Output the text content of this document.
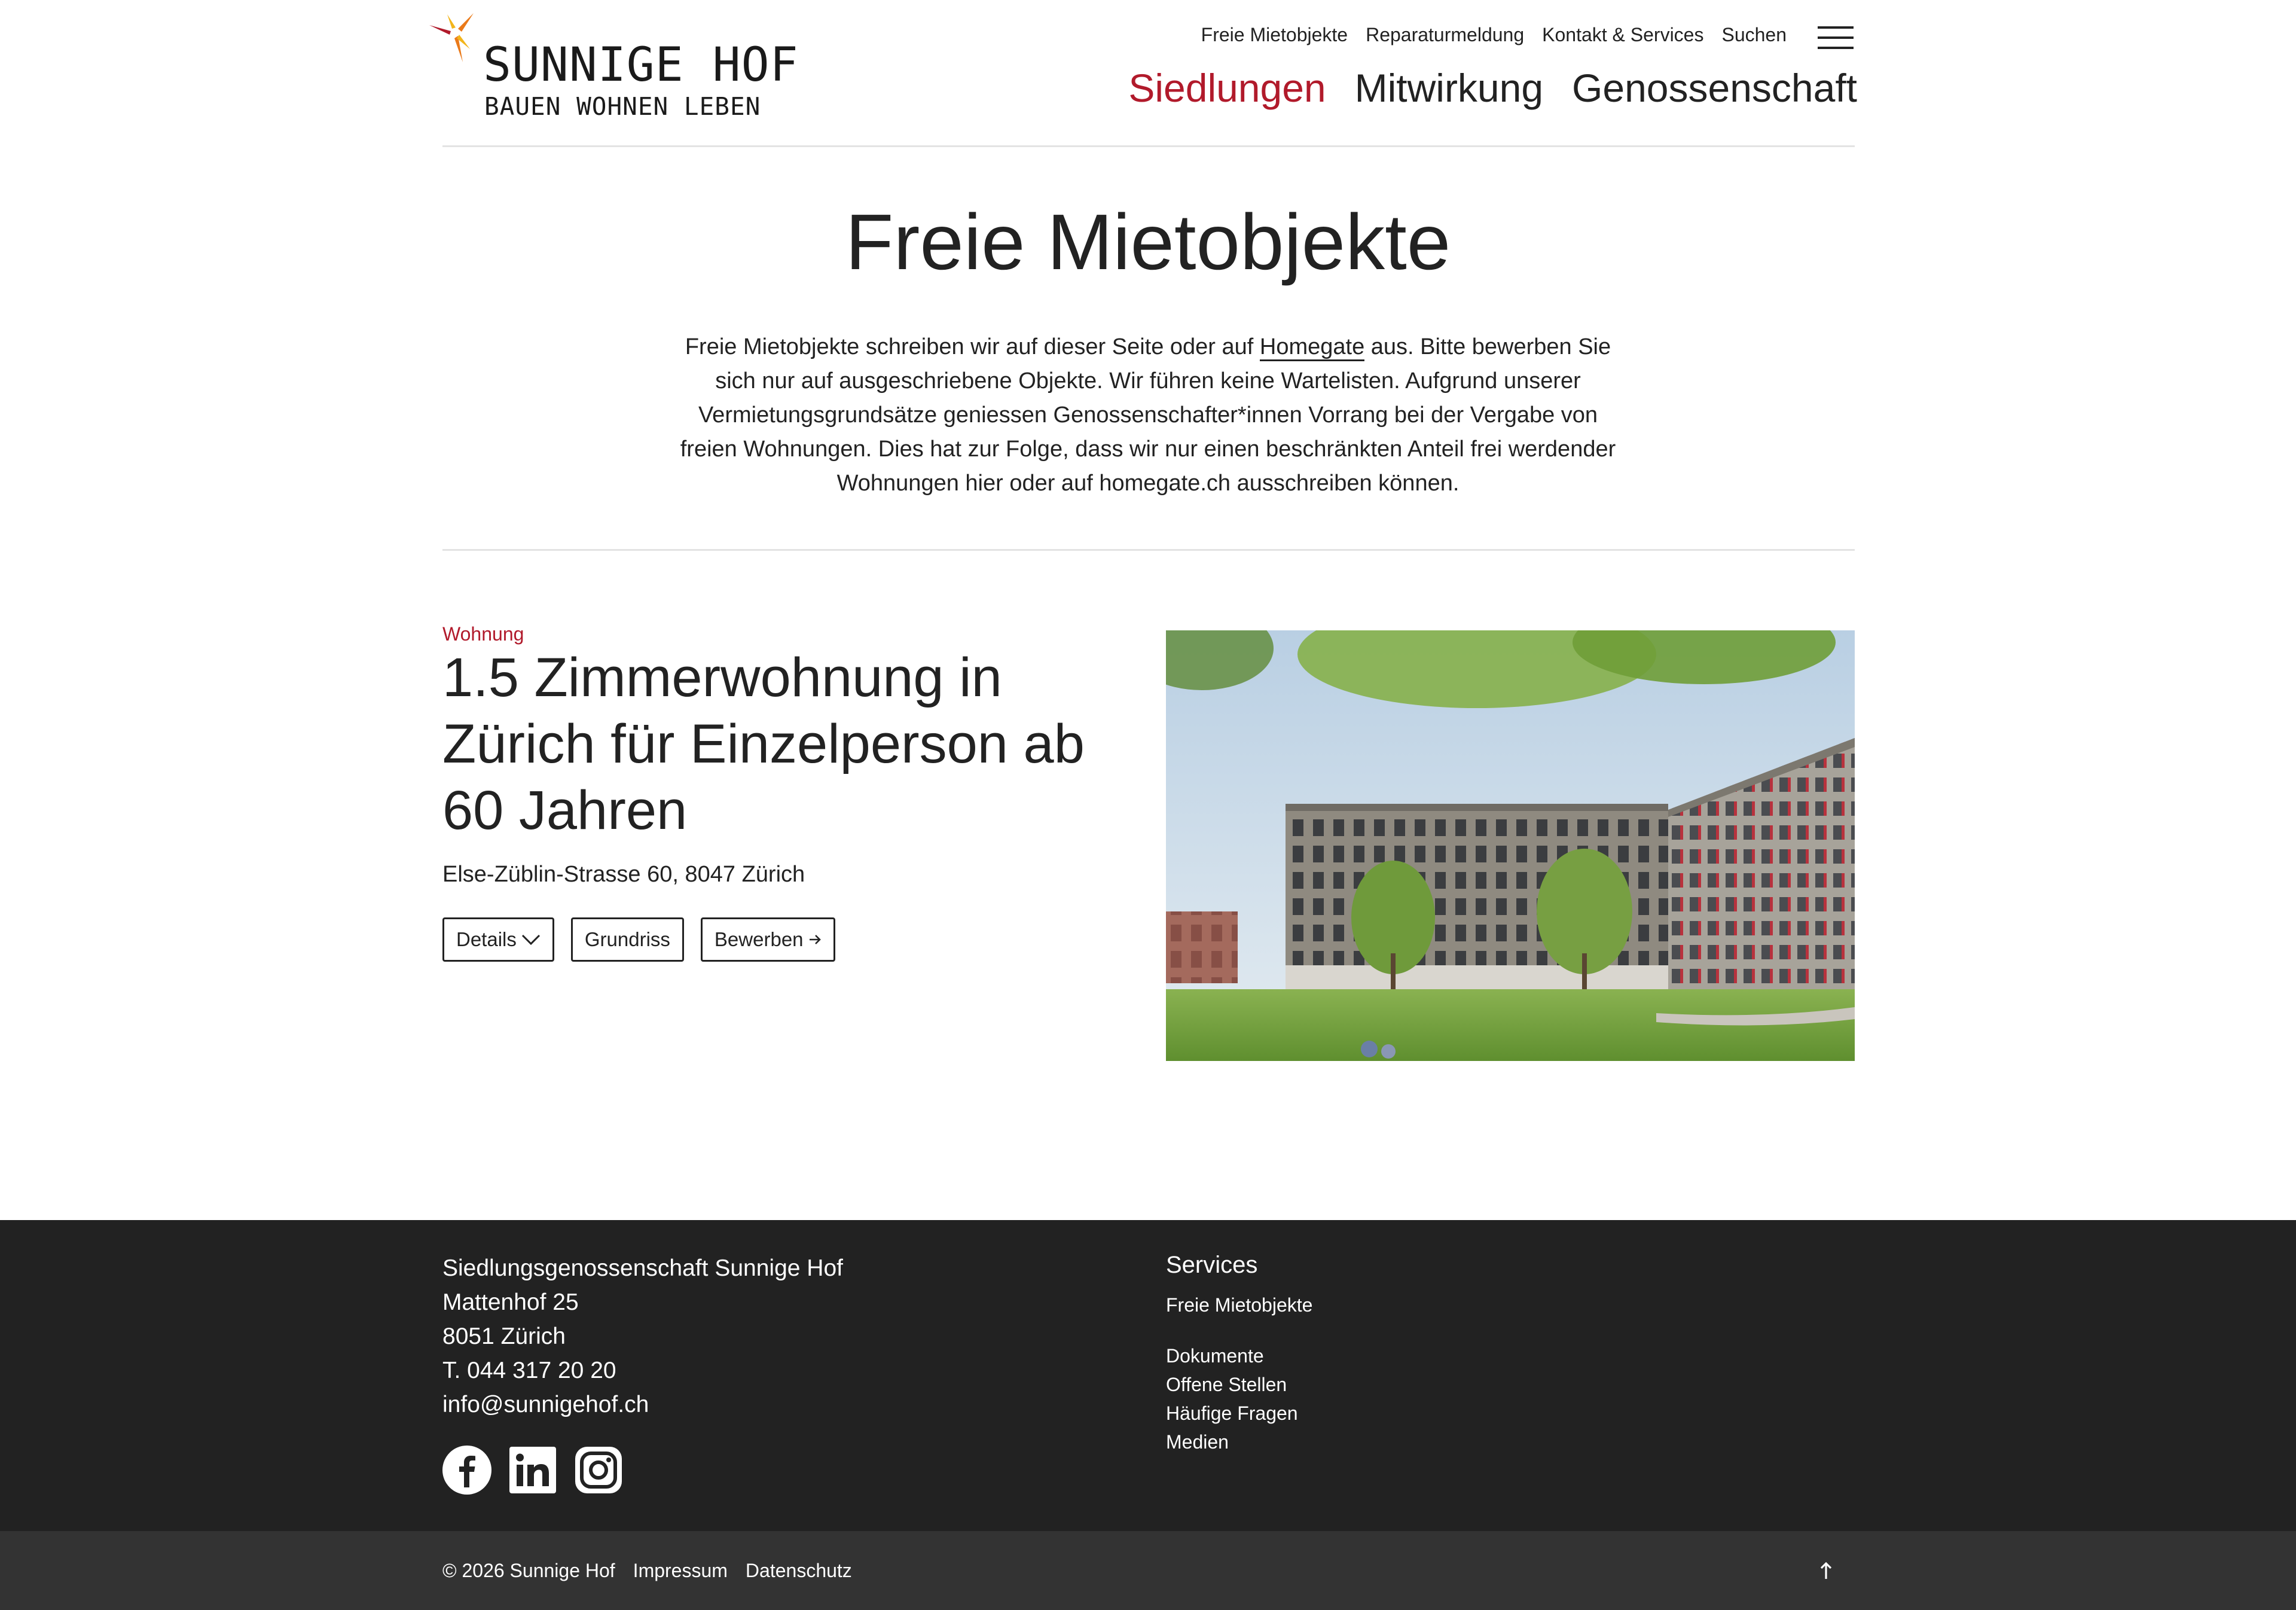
SUNNIGE HOF
BAUEN WOHNEN LEBEN
Freie Mietobjekte Reparaturmeldung Kontakt & Services Suchen
Siedlungen Mitwirkung Genossenschaft
Freie Mietobjekte

Freie Mietobjekte schreiben wir auf dieser Seite oder auf Homegate aus. Bitte bewerben Sie sich nur auf ausgeschriebene Objekte. Wir führen keine Wartelisten. Aufgrund unserer Vermietungsgrundsätze geniessen Genossenschafter*innen Vorrang bei der Vergabe von freien Wohnungen. Dies hat zur Folge, dass wir nur einen beschränkten Anteil frei werdender Wohnungen hier oder auf homegate.ch ausschreiben können.

Wohnung
1.5 Zimmerwohnung in Zürich für Einzelperson ab 60 Jahren
Else-Züblin-Strasse 60, 8047 Zürich
Details	Grundriss Bewerben
Siedlungsgenossenschaft Sunnige Hof
Mattenhof 25
8051 Zürich
T. 044 317 20 20
info@sunnigehof.ch
Services
Freie Mietobjekte
Dokumente
Offene Stellen
Häufige Fragen
Medien
© 2026 Sunnige Hof Impressum Datenschutz
